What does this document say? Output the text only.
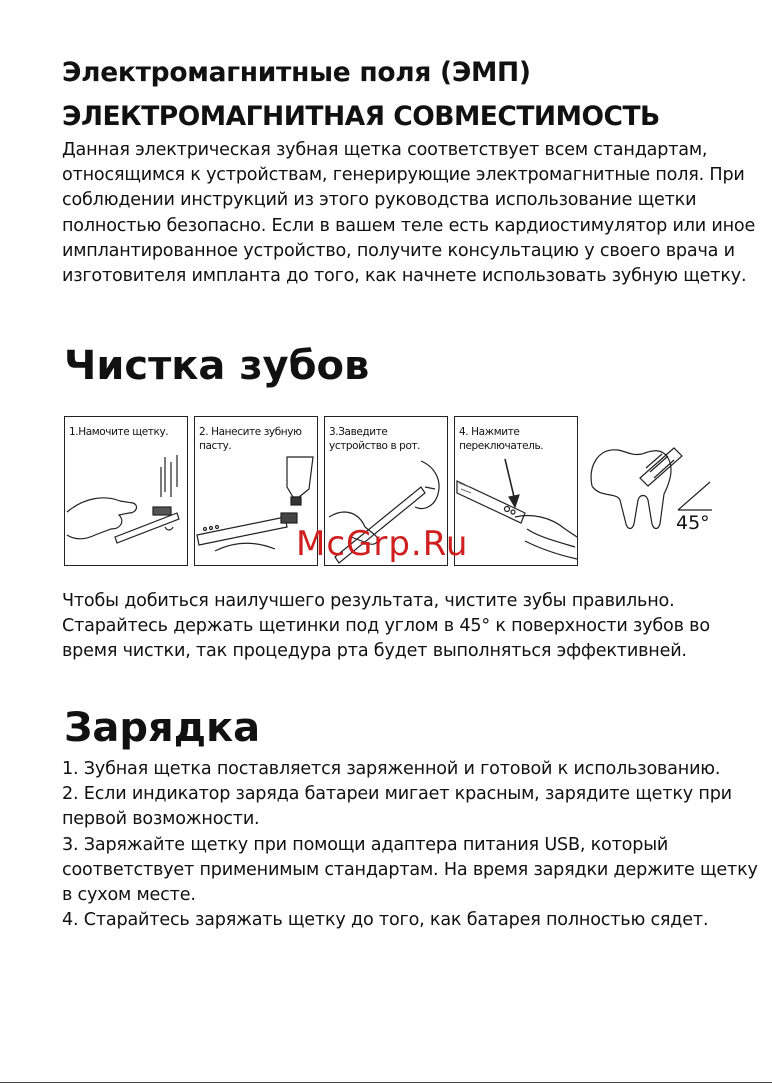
Электромагнитные поля (ЭМП)
ЭЛЕКТРОМАГНИТНАЯ СОВМЕСТИМОСТЬ

Данная электрическая зубная щетка соответствует всем стандартам, относящимся к устройствам, генерирующие электромагнитные поля. При соблюдении инструкций из этого руководства использование щетки полностью безопасно. Если в вашем теле есть кардиостимулятор или иное имплантированное устройство, получите консультацию у своего врача и изготовителя импланта до того, как начнете использовать зубную щетку.

Чистка зубов
1.Намочите щетку.	2. Нанесите зубную пасту.
3.Заведите устройство в рот.
4. Нажмите переключатель.
45°
McGrp.Ru

Чтобы добиться наилучшего результата, чистите зубы правильно. Старайтесь держать щетинки под углом в 45° к поверхности зубов во время чистки, так процедура рта будет выполняться эффективней.

Зарядка
1. Зубная щетка поставляется заряженной и готовой к использованию.
2. Если индикатор заряда батареи мигает красным, зарядите щетку при первой возможности.
3. Заряжайте щетку при помощи адаптера питания USB, который соответствует применимым стандартам. На время зарядки держите щетку в сухом месте.
4. Старайтесь заряжать щетку до того, как батарея полностью сядет.
